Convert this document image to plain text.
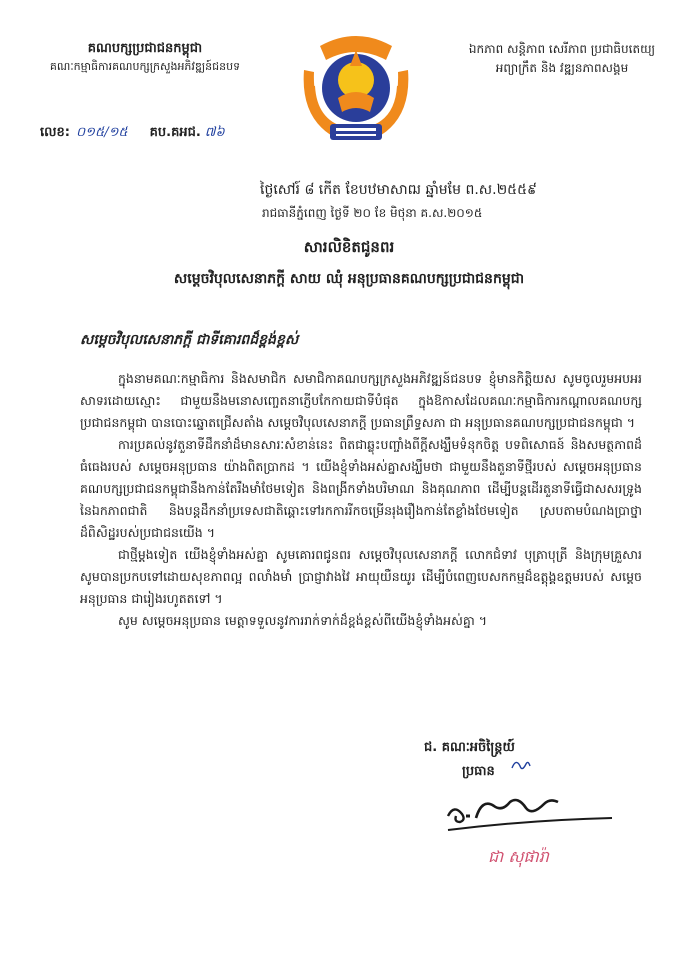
គណបក្សប្រជាជនកម្ពុជា
គណៈកម្មាធិការគណបក្សក្រសួងអភិវឌ្ឍន៍ជនបទ
ឯកភាព សន្តិភាព សេរីភាព ប្រជាធិបតេយ្យ
អព្យាក្រឹត និង វឌ្ឍនភាពសង្គម
លេខ: ០១៥/១៥ គប.គអជ. ៧៦
ថ្ងៃសៅរ៍ ៨ កើត ខែបឋមាសាឍ ឆ្នាំមមែ ព.ស.២៥៥៩
រាជធានីភ្នំពេញ ថ្ងៃទី ២០ ខែ មិថុនា គ.ស.២០១៥
សារលិខិតជូនពរ
សម្តេចវិបុលសេនាភក្តី សាយ ឈុំ អនុប្រធានគណបក្សប្រជាជនកម្ពុជា
សម្តេចវិបុលសេនាភក្តី ជាទីគោរពដ៏ខ្ពង់ខ្ពស់

ក្នុងនាមគណៈកម្មាធិការ និងសមាជិក សមាជិកាគណបក្សក្រសួងអភិវឌ្ឍន៍ជនបទ ខ្ញុំមានកិត្តិយស សូមចូលរួមអបអរសាទរដោយស្មោះ ជាមួយនឹងមនោសញ្ចេតនាភ្ញើបកែកាយជាទីបំផុត ក្នុងឱកាសដែលគណៈកម្មាធិការកណ្តាលគណបក្សប្រជាជនកម្ពុជា បានបោះឆ្នោតជ្រើសតាំង សម្តេចវិបុលសេនាភក្តី ប្រធានព្រឹទ្ធសភា ជា អនុប្រធានគណបក្សប្រជាជនកម្ពុជា ។

ការប្រគល់នូវតួនាទីដឹកនាំដ៏មានសារៈសំខាន់នេះ ពិតជាឆ្លុះបញ្ចាំងពីក្តីសង្ឃឹមទំនុកចិត្ត បទពិសោធន៍ និងសមត្ថភាពដ៏ធំធេងរបស់ សម្តេចអនុប្រធាន យ៉ាងពិតប្រាកដ ។ យើងខ្ញុំទាំងអស់គ្នាសង្ឃឹមថា ជាមួយនឹងតួនាទីថ្មីរបស់ សម្តេចអនុប្រធាន គណបក្សប្រជាជនកម្ពុជានឹងកាន់តែរឹងមាំថែមទៀត និងពង្រីកទាំងបរិមាណ និងគុណភាព ដើម្បីបន្តដើរតួនាទីធ្វើជាសសរទ្រូងនៃឯកភាពជាតិ និងបន្តដឹកនាំប្រទេសជាតិឆ្ពោះទៅរកការរីកចម្រើនរុងរឿងកាន់តែខ្លាំងថែមទៀត ស្របតាមបំណងប្រាថ្នាដ៏ពិសិដ្ឋរបស់ប្រជាជនយើង ។

ជាថ្មីម្តងទៀត យើងខ្ញុំទាំងអស់គ្នា សូមគោរពជូនពរ សម្តេចវិបុលសេនាភក្តី លោកជំទាវ បុត្រាបុត្រី និងក្រុមគ្រួសារ សូមបានប្រកបទៅដោយសុខភាពល្អ ពលាំងមាំ ប្រាជ្ញាវាងវៃ អាយុយឺនយូរ ដើម្បីបំពេញបេសកកម្មដ៏ឧត្តុង្គឧត្តមរបស់ សម្តេចអនុប្រធាន ជារៀងរហូតតទៅ ។

សូម សម្តេចអនុប្រធាន មេត្តាទទួលនូវការរាក់ទាក់ដ៏ខ្ពង់ខ្ពស់ពីយើងខ្ញុំទាំងអស់គ្នា ។

ជ. គណៈអចិន្ត្រៃយ៍
ប្រធាន
ជា សុផារ៉ា
